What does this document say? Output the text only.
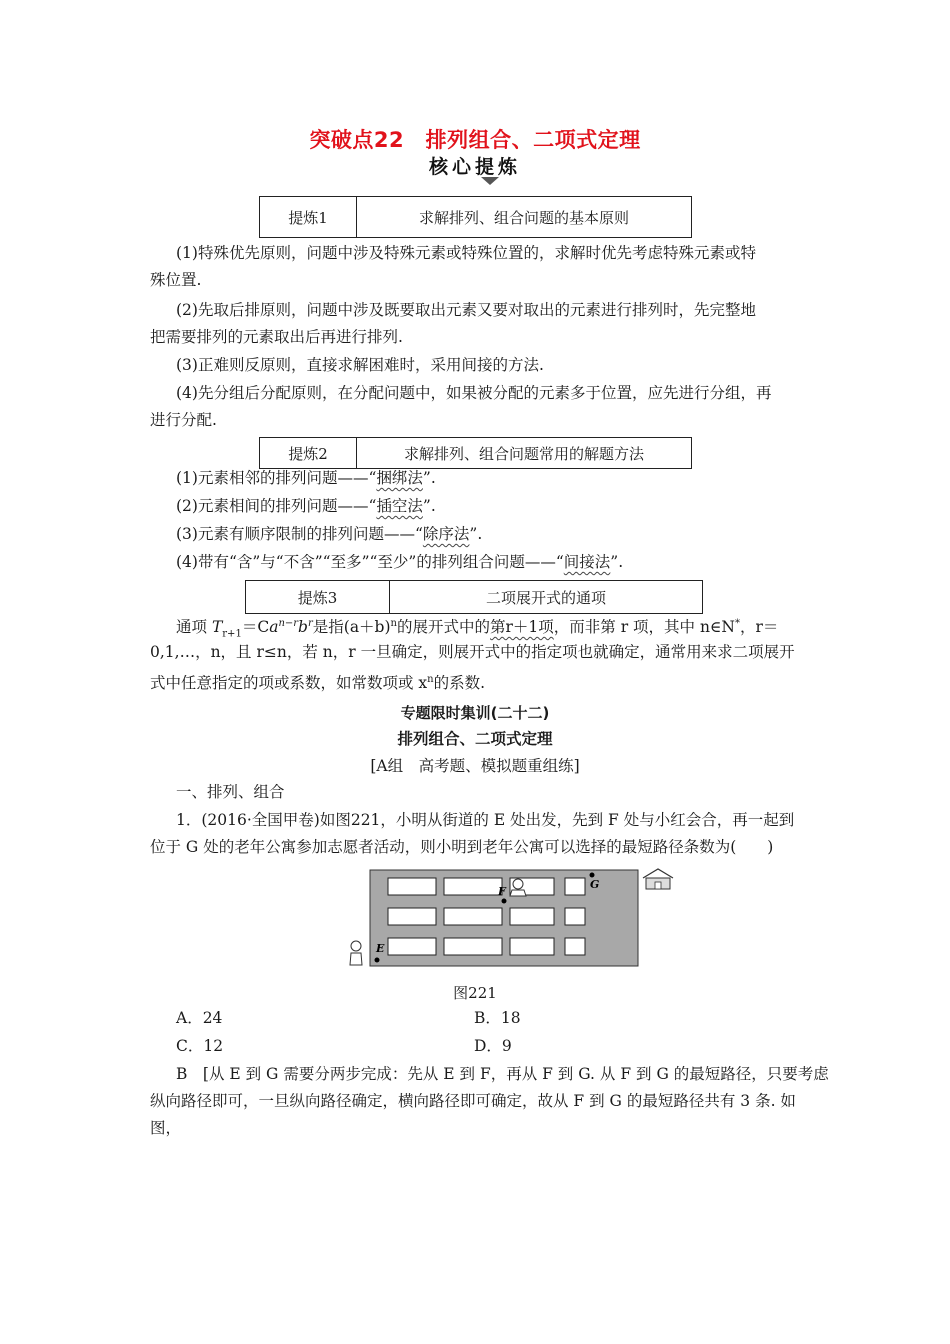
突破点22　排列组合、二项式定理
核心提炼
提炼1	求解排列、组合问题的基本原则
(1)特殊优先原则，问题中涉及特殊元素或特殊位置的，求解时优先考虑特殊元素或特
殊位置.
(2)先取后排原则，问题中涉及既要取出元素又要对取出的元素进行排列时，先完整地
把需要排列的元素取出后再进行排列.
(3)正难则反原则，直接求解困难时，采用间接的方法.
(4)先分组后分配原则，在分配问题中，如果被分配的元素多于位置，应先进行分组，再
进行分配.
提炼2	求解排列、组合问题常用的解题方法
(1)元素相邻的排列问题——“捆绑法”.
(2)元素相间的排列问题——“插空法”.
(3)元素有顺序限制的排列问题——“除序法”.
(4)带有“含”与“不含”“至多”“至少”的排列组合问题——“间接法”.
提炼3	二项展开式的通项
通项 $T_{r+1}=Ca^{n-r}b^r$是指$(a+b)^n$的展开式中的第r＋1项，而非第 r 项，其中 n∈N*，r＝
0,1,…，n，且 r≤n，若 n，r 一旦确定，则展开式中的指定项也就确定，通常用来求二项展开
式中任意指定的项或系数，如常数项或 $x^n$的系数.
专题限时集训(二十二)
排列组合、二项式定理
[A组　高考题、模拟题重组练]
一、排列、组合
1．(2016·全国甲卷)如图221，小明从街道的 E 处出发，先到 F 处与小红会合，再一起到
位于 G 处的老年公寓参加志愿者活动，则小明到老年公寓可以选择的最短路径条数为(　　)
E
F
G
图221
A．24	B．18
C．12	D．9
B　[从 E 到 G 需要分两步完成：先从 E 到 F，再从 F 到 G. 从 F 到 G 的最短路径，只要考虑
纵向路径即可，一旦纵向路径确定，横向路径即可确定，故从 F 到 G 的最短路径共有 3 条. 如
图，
